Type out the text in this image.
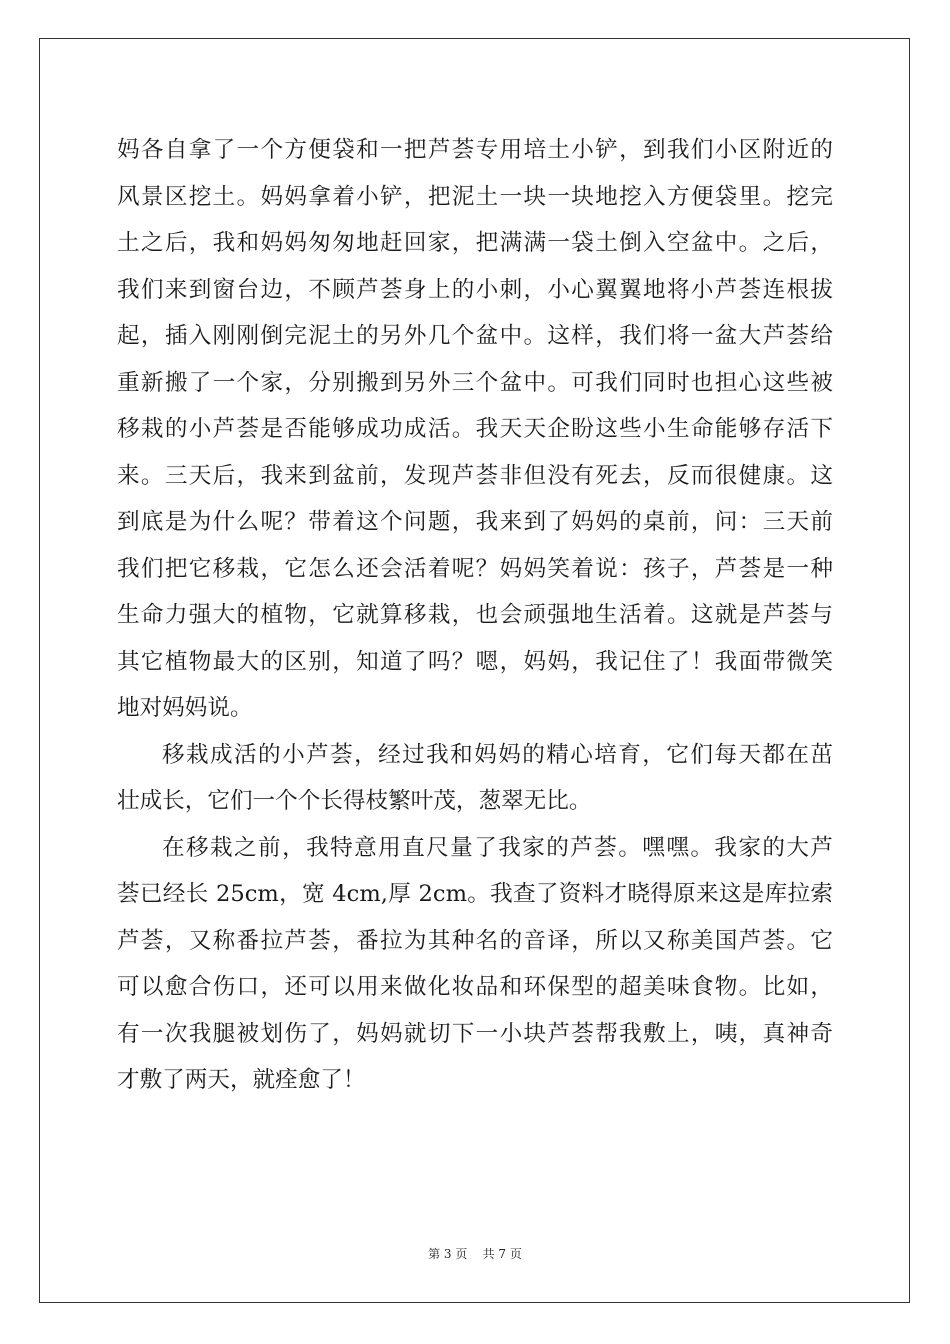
妈各自拿了一个方便袋和一把芦荟专用培土小铲，到我们小区附近的
风景区挖土。妈妈拿着小铲，把泥土一块一块地挖入方便袋里。挖完
土之后，我和妈妈匆匆地赶回家，把满满一袋土倒入空盆中。之后，
我们来到窗台边，不顾芦荟身上的小刺，小心翼翼地将小芦荟连根拔
起，插入刚刚倒完泥土的另外几个盆中。这样，我们将一盆大芦荟给
重新搬了一个家，分别搬到另外三个盆中。可我们同时也担心这些被
移栽的小芦荟是否能够成功成活。我天天企盼这些小生命能够存活下
来。三天后，我来到盆前，发现芦荟非但没有死去，反而很健康。这
到底是为什么呢？带着这个问题，我来到了妈妈的桌前，问：三天前
我们把它移栽，它怎么还会活着呢？妈妈笑着说：孩子，芦荟是一种
生命力强大的植物，它就算移栽，也会顽强地生活着。这就是芦荟与
其它植物最大的区别，知道了吗？嗯，妈妈，我记住了！我面带微笑
地对妈妈说。
移栽成活的小芦荟，经过我和妈妈的精心培育，它们每天都在茁
壮成长，它们一个个长得枝繁叶茂，葱翠无比。
在移栽之前，我特意用直尺量了我家的芦荟。嘿嘿。我家的大芦
荟已经长 25cm，宽 4cm,厚 2cm。我查了资料才晓得原来这是库拉索
芦荟，又称番拉芦荟，番拉为其种名的音译，所以又称美国芦荟。它
可以愈合伤口，还可以用来做化妆品和环保型的超美味食物。比如，
有一次我腿被划伤了，妈妈就切下一小块芦荟帮我敷上，咦，真神奇
才敷了两天，就痊愈了！
第 3 页    共 7 页
